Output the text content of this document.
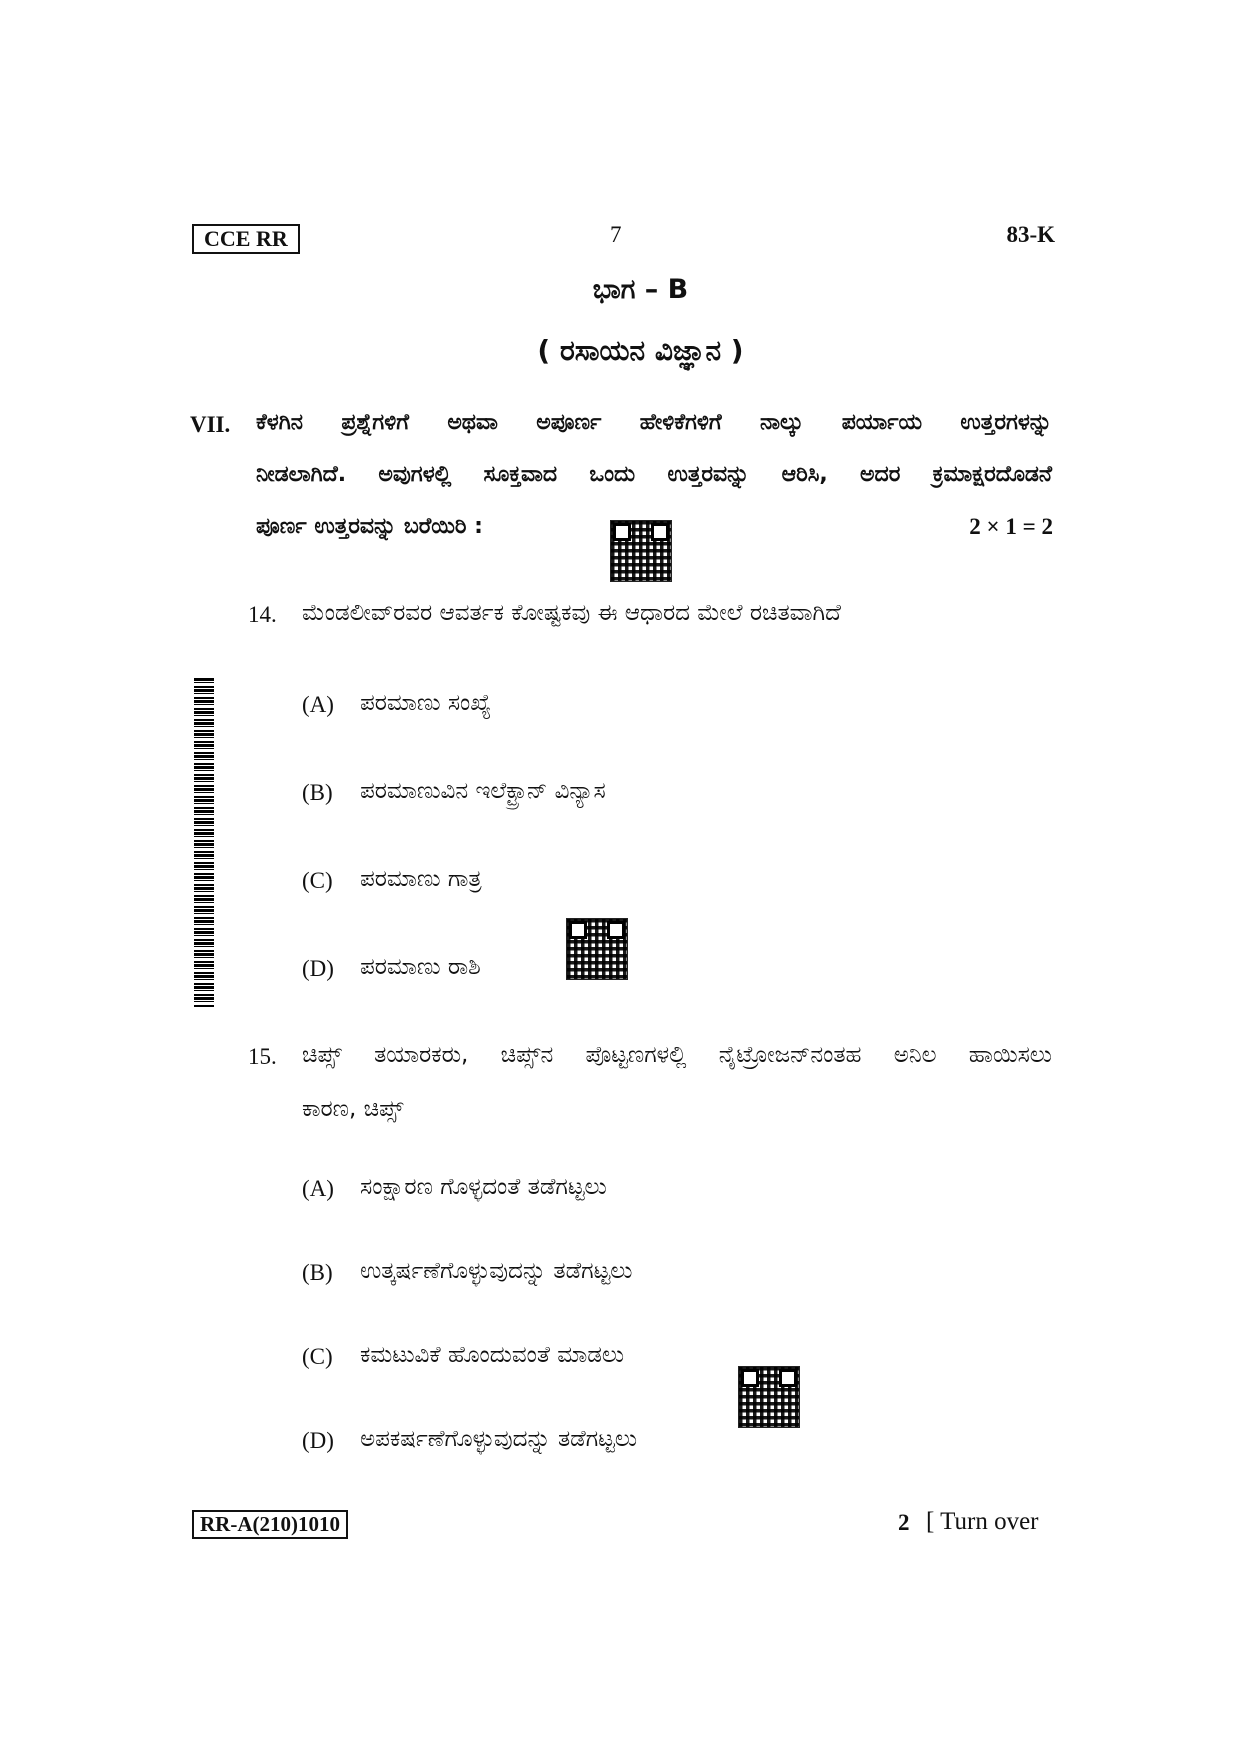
CCE RR	7	83-K
ಭಾಗ – B
( ರಸಾಯನ ವಿಜ್ಞಾನ )
VII. ಕೆಳಗಿನ ಪ್ರಶ್ನೆಗಳಿಗೆ ಅಥವಾ ಅಪೂರ್ಣ ಹೇಳಿಕೆಗಳಿಗೆ ನಾಲ್ಕು ಪರ್ಯಾಯ ಉತ್ತರಗಳನ್ನು
ನೀಡಲಾಗಿದೆ. ಅವುಗಳಲ್ಲಿ ಸೂಕ್ತವಾದ ಒಂದು ಉತ್ತರವನ್ನು ಆರಿಸಿ, ಅದರ ಕ್ರಮಾಕ್ಷರದೊಡನೆ
ಪೂರ್ಣ ಉತ್ತರವನ್ನು ಬರೆಯಿರಿ :	2 × 1 = 2
14. ಮೆಂಡಲೀವ್‌ರವರ ಆವರ್ತಕ ಕೋಷ್ಟಕವು ಈ ಆಧಾರದ ಮೇಲೆ ರಚಿತವಾಗಿದೆ
(A) ಪರಮಾಣು ಸಂಖ್ಯೆ
(B) ಪರಮಾಣುವಿನ ಇಲೆಕ್ಟ್ರಾನ್ ವಿನ್ಯಾಸ
(C) ಪರಮಾಣು ಗಾತ್ರ
(D) ಪರಮಾಣು ರಾಶಿ
15. ಚಿಪ್ಸ್ ತಯಾರಕರು, ಚಿಪ್ಸ್‌ನ ಪೊಟ್ಟಣಗಳಲ್ಲಿ ನೈಟ್ರೋಜನ್‌ನಂತಹ ಅನಿಲ ಹಾಯಿಸಲು
ಕಾರಣ, ಚಿಪ್ಸ್
(A) ಸಂಕ್ಷಾರಣ ಗೊಳ್ಳದಂತೆ ತಡೆಗಟ್ಟಲು
(B) ಉತ್ಕರ್ಷಣೆಗೊಳ್ಳುವುದನ್ನು ತಡೆಗಟ್ಟಲು
(C) ಕಮಟುವಿಕೆ ಹೊಂದುವಂತೆ ಮಾಡಲು
(D) ಅಪಕರ್ಷಣೆಗೊಳ್ಳುವುದನ್ನು ತಡೆಗಟ್ಟಲು
RR-A(210)1010	2 [ Turn over
